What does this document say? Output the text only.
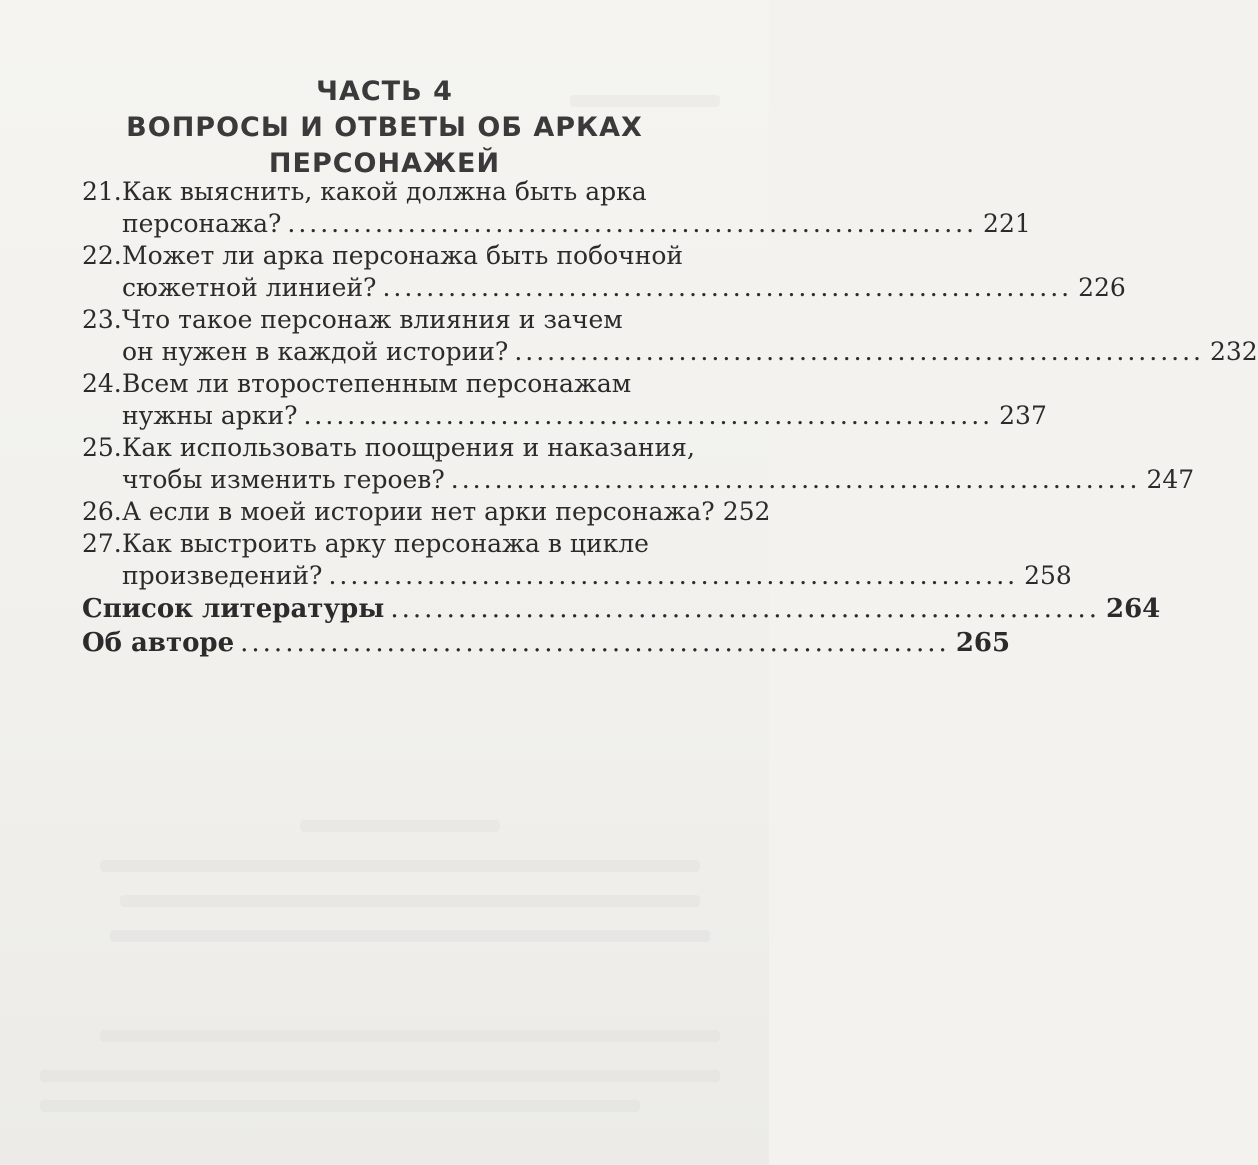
ЧАСТЬ 4
ВОПРОСЫ И ОТВЕТЫ ОБ АРКАХ
ПЕРСОНАЖЕЙ
21.Как выяснить, какой должна быть арка
персонажа? ............................................................... 221
22.Может ли арка персонажа быть побочной
сюжетной линией? ............................................................... 226
23.Что такое персонаж влияния и зачем
он нужен в каждой истории? ............................................................... 232
24.Всем ли второстепенным персонажам
нужны арки? ............................................................... 237
25.Как использовать поощрения и наказания,
чтобы изменить героев? ............................................................... 247
26. А если в моей истории нет арки персонажа? 252
27.Как выстроить арку персонажа в цикле
произведений? ............................................................... 258
Список литературы ............................................................... 264
Об авторе ............................................................... 265
